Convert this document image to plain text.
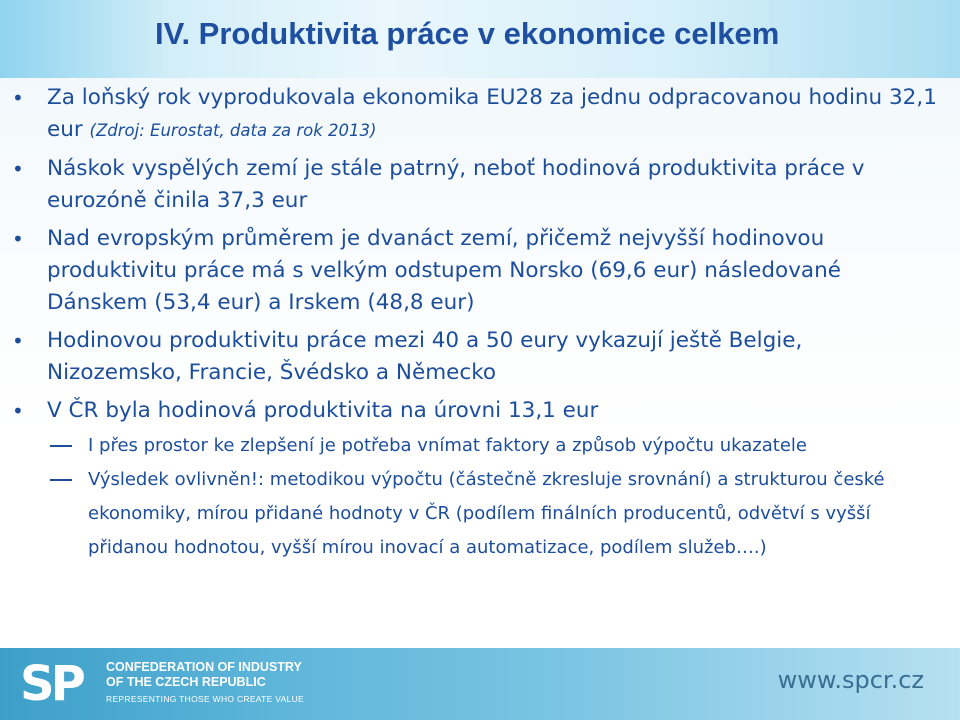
IV. Produktivita práce v ekonomice celkem

• Za loňský rok vyprodukovala ekonomika EU28 za jednu odpracovanou hodinu 32,1 eur (Zdroj: Eurostat, data za rok 2013)

• Náskok vyspělých zemí je stále patrný, neboť hodinová produktivita práce v eurozóně činila 37,3 eur

• Nad evropským průměrem je dvanáct zemí, přičemž nejvyšší hodinovou produktivitu práce má s velkým odstupem Norsko (69,6 eur) následované Dánskem (53,4 eur) a Irskem (48,8 eur)

• Hodinovou produktivitu práce mezi 40 a 50 eury vykazují ještě Belgie, Nizozemsko, Francie, Švédsko a Německo

• V ČR byla hodinová produktivita na úrovni 13,1 eur

I přes prostor ke zlepšení je potřeba vnímat faktory a způsob výpočtu ukazatele

Výsledek ovlivněn!: metodikou výpočtu (částečně zkresluje srovnání) a strukturou české ekonomiky, mírou přidané hodnoty v ČR (podílem finálních producentů, odvětví s vyšší přidanou hodnotou, vyšší mírou inovací a automatizace, podílem služeb….)

SP	CONFEDERATION OF INDUSTRY
OF THE CZECH REPUBLIC
REPRESENTING THOSE WHO CREATE VALUE
www.spcr.cz
